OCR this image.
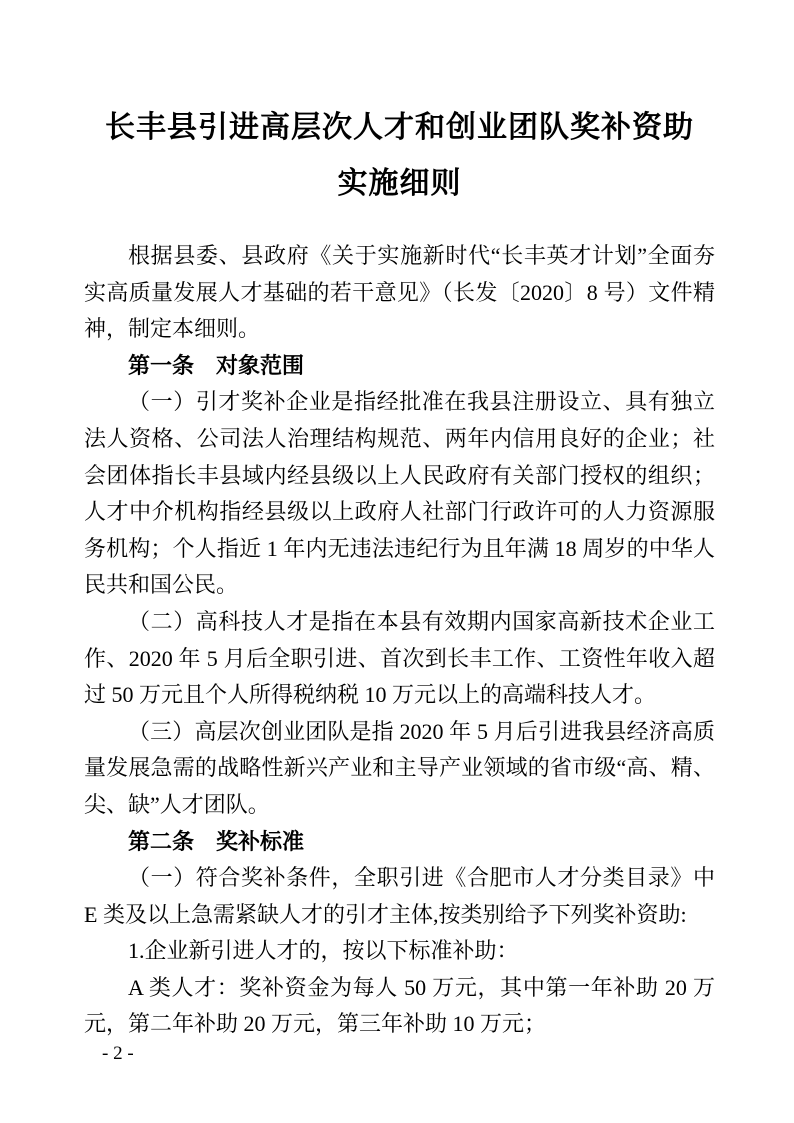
长丰县引进高层次人才和创业团队奖补资助
实施细则

根据县委、县政府《关于实施新时代“长丰英才计划”全面夯实高质量发展人才基础的若干意见》（长发〔2020〕8 号）文件精神，制定本细则。

第一条　对象范围

（一）引才奖补企业是指经批准在我县注册设立、具有独立法人资格、公司法人治理结构规范、两年内信用良好的企业；社会团体指长丰县域内经县级以上人民政府有关部门授权的组织；人才中介机构指经县级以上政府人社部门行政许可的人力资源服务机构；个人指近 1 年内无违法违纪行为且年满 18 周岁的中华人民共和国公民。

（二）高科技人才是指在本县有效期内国家高新技术企业工作、2020 年 5 月后全职引进、首次到长丰工作、工资性年收入超过 50 万元且个人所得税纳税 10 万元以上的高端科技人才。

（三）高层次创业团队是指 2020 年 5 月后引进我县经济高质量发展急需的战略性新兴产业和主导产业领域的省市级“高、精、尖、缺”人才团队。

第二条　奖补标准

（一）符合奖补条件，全职引进《合肥市人才分类目录》中 E 类及以上急需紧缺人才的引才主体,按类别给予下列奖补资助:

1.企业新引进人才的，按以下标准补助：

A 类人才：奖补资金为每人 50 万元，其中第一年补助 20 万元，第二年补助 20 万元，第三年补助 10 万元；

- 2 -
